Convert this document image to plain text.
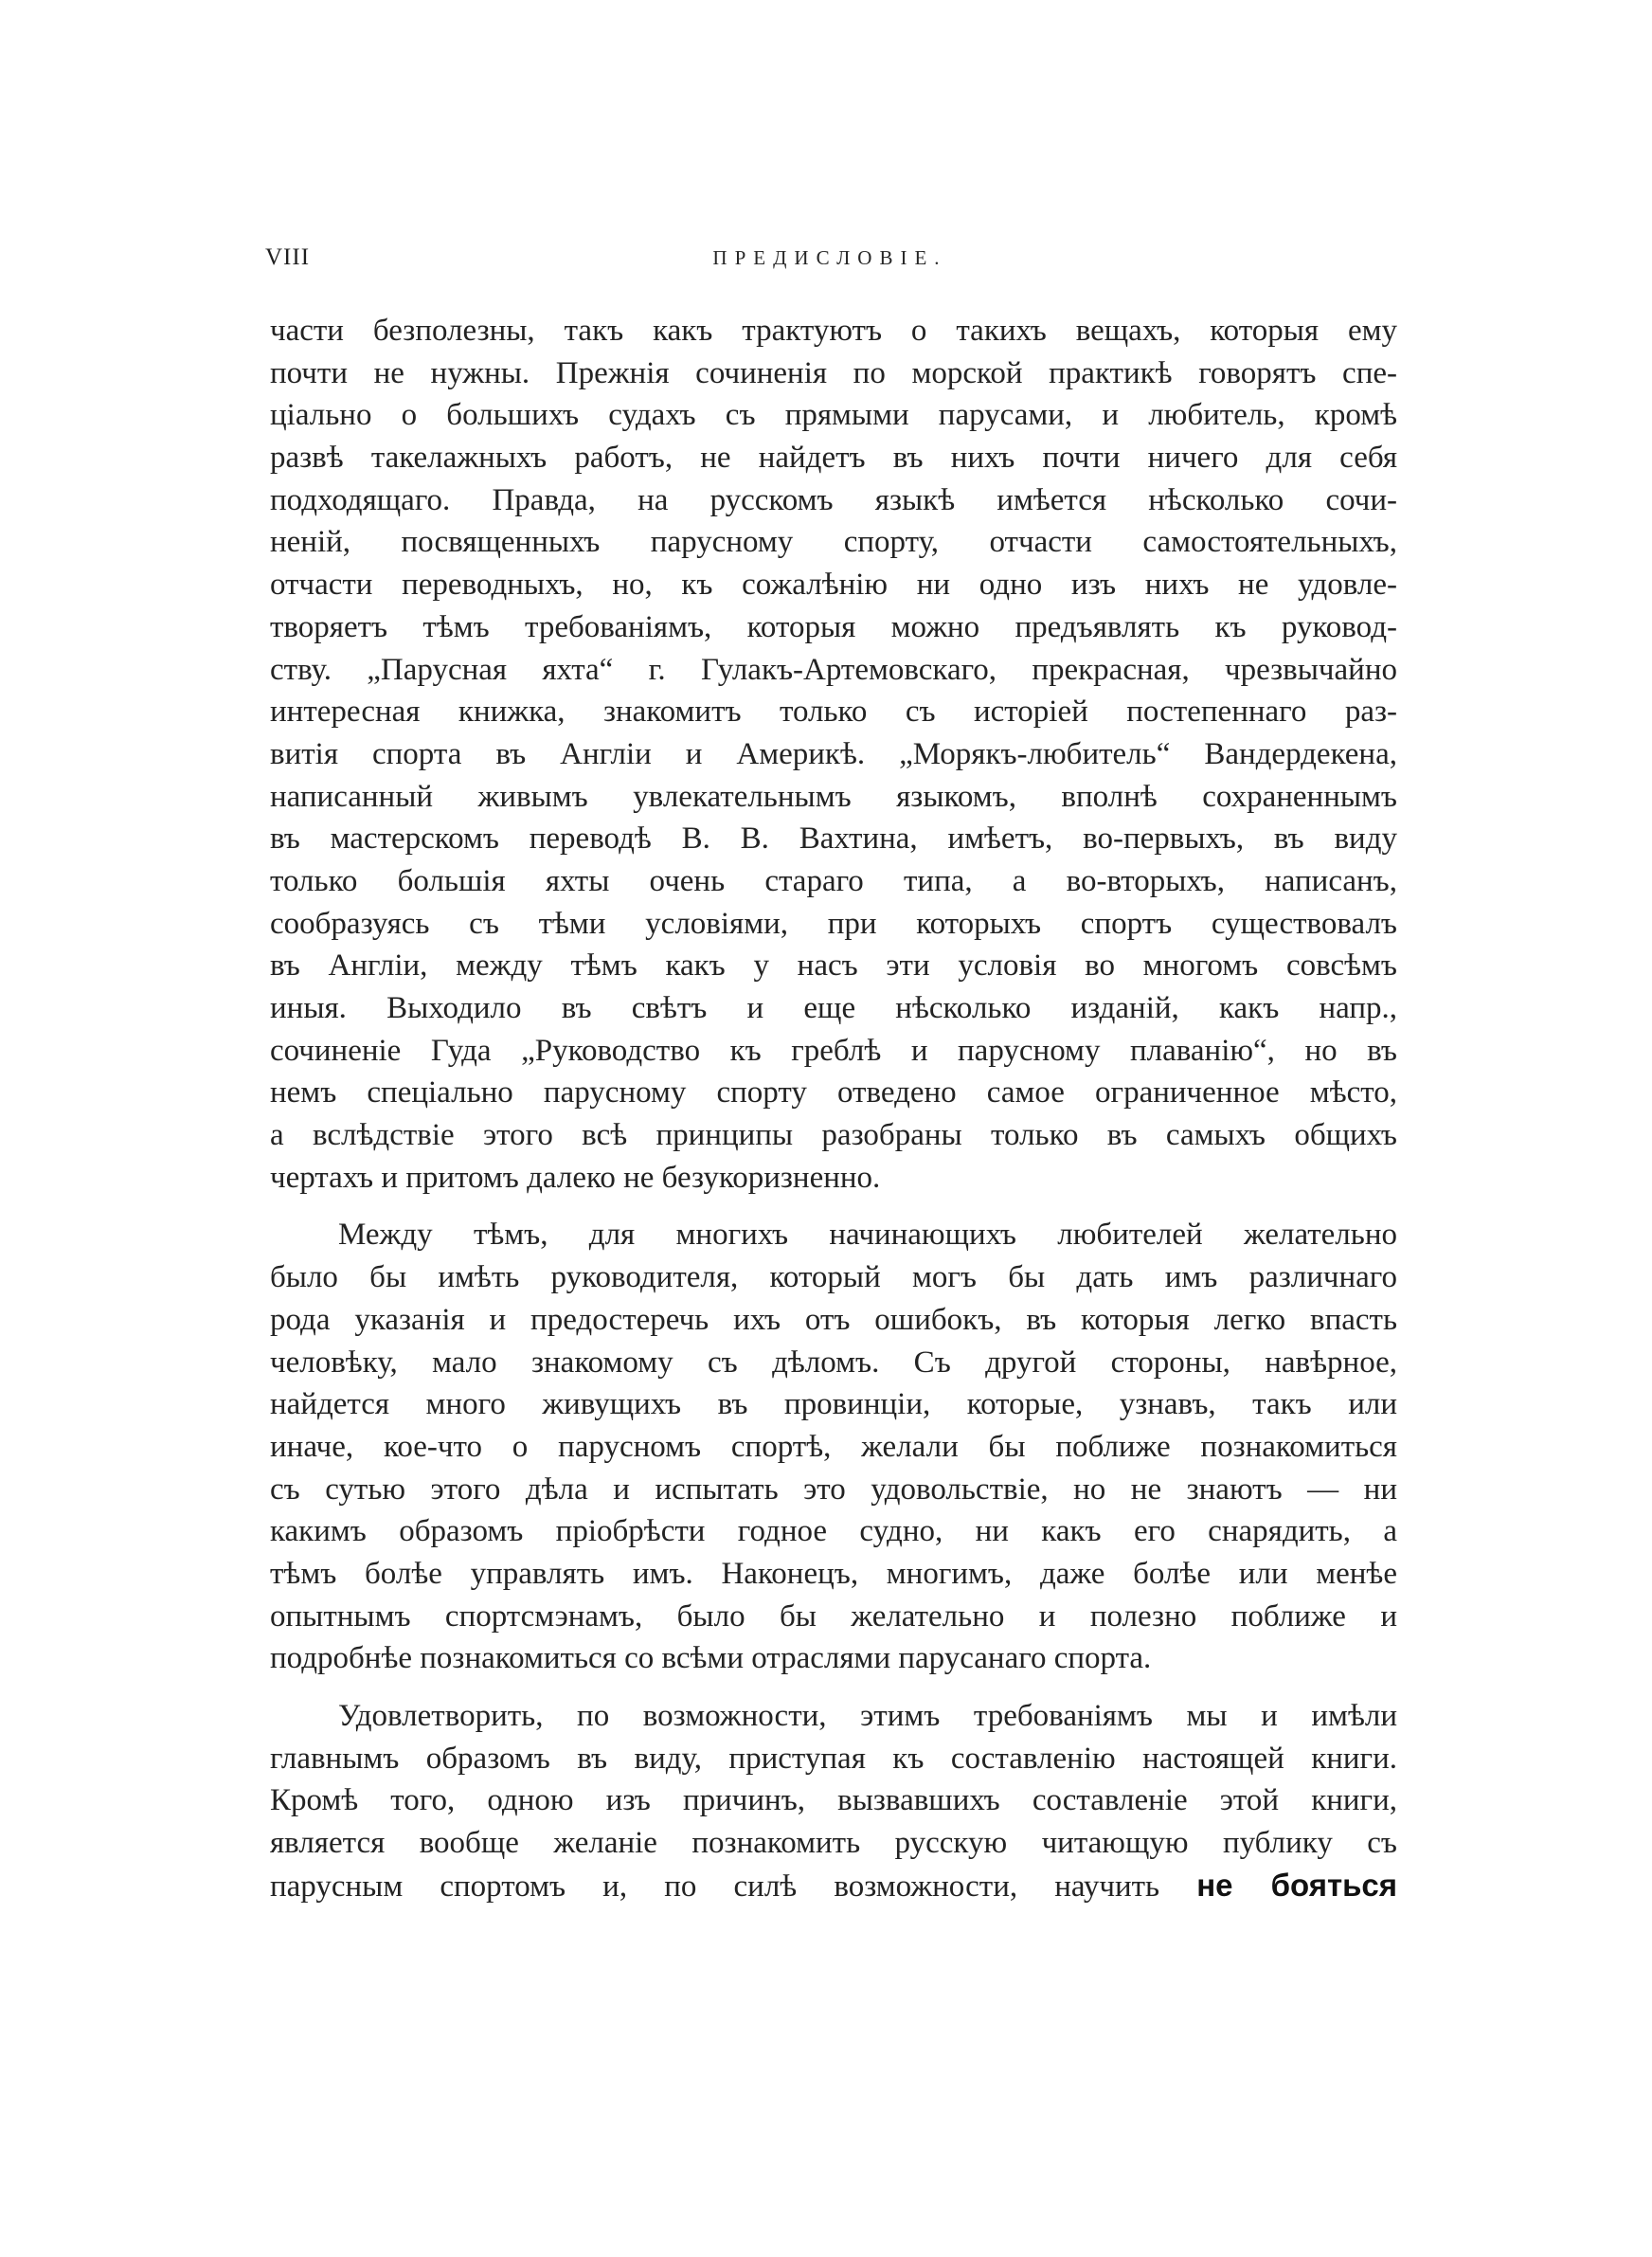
VIII	ПРЕДИСЛОВІЕ.
части безполезны, такъ какъ трактуютъ о такихъ вещахъ, которыя ему
почти не нужны. Прежнія сочиненія по морской практикѣ говорятъ спе-
ціально о большихъ судахъ съ прямыми парусами, и любитель, кромѣ
развѣ такелажныхъ работъ, не найдетъ въ нихъ почти ничего для себя
подходящаго. Правда, на русскомъ языкѣ имѣется нѣсколько сочи-
неній, посвященныхъ парусному спорту, отчасти самостоятельныхъ,
отчасти переводныхъ, но, къ сожалѣнію ни одно изъ нихъ не удовле-
творяетъ тѣмъ требованіямъ, которыя можно предъявлять къ руковод-
ству. „Парусная яхта“ г. Гулакъ-Артемовскаго, прекрасная, чрезвычайно
интересная книжка, знакомитъ только съ исторіей постепеннаго раз-
витія спорта въ Англіи и Америкѣ. „Морякъ-любитель“ Вандердекена,
написанный живымъ увлекательнымъ языкомъ, вполнѣ сохраненнымъ
въ мастерскомъ переводѣ В. В. Вахтина, имѣетъ, во-первыхъ, въ виду
только большія яхты очень стараго типа, а во-вторыхъ, написанъ,
сообразуясь съ тѣми условіями, при которыхъ спортъ существовалъ
въ Англіи, между тѣмъ какъ у насъ эти условія во многомъ совсѣмъ
иныя. Выходило въ свѣтъ и еще нѣсколько изданій, какъ напр.,
сочиненіе Гуда „Руководство къ греблѣ и парусному плаванію“, но въ
немъ спеціально парусному спорту отведено самое ограниченное мѣсто,
а вслѣдствіе этого всѣ принципы разобраны только въ самыхъ общихъ
чертахъ и притомъ далеко не безукоризненно.
Между тѣмъ, для многихъ начинающихъ любителей желательно
было бы имѣть руководителя, который могъ бы дать имъ различнаго
рода указанія и предостеречь ихъ отъ ошибокъ, въ которыя легко впасть
человѣку, мало знакомому съ дѣломъ. Съ другой стороны, навѣрное,
найдется много живущихъ въ провинціи, которые, узнавъ, такъ или
иначе, кое-что о парусномъ спортѣ, желали бы поближе познакомиться
съ сутью этого дѣла и испытать это удовольствіе, но не знаютъ — ни
какимъ образомъ пріобрѣсти годное судно, ни какъ его снарядить, а
тѣмъ болѣе управлять имъ. Наконецъ, многимъ, даже болѣе или менѣе
опытнымъ спортсмэнамъ, было бы желательно и полезно поближе и
подробнѣе познакомиться со всѣми отраслями парусанаго спорта.
Удовлетворить, по возможности, этимъ требованіямъ мы и имѣли
главнымъ образомъ въ виду, приступая къ составленію настоящей книги.
Кромѣ того, одною изъ причинъ, вызвавшихъ составленіе этой книги,
является вообще желаніе познакомить русскую читающую публику съ
парусным спортомъ и, по силѣ возможности, научить не бояться
